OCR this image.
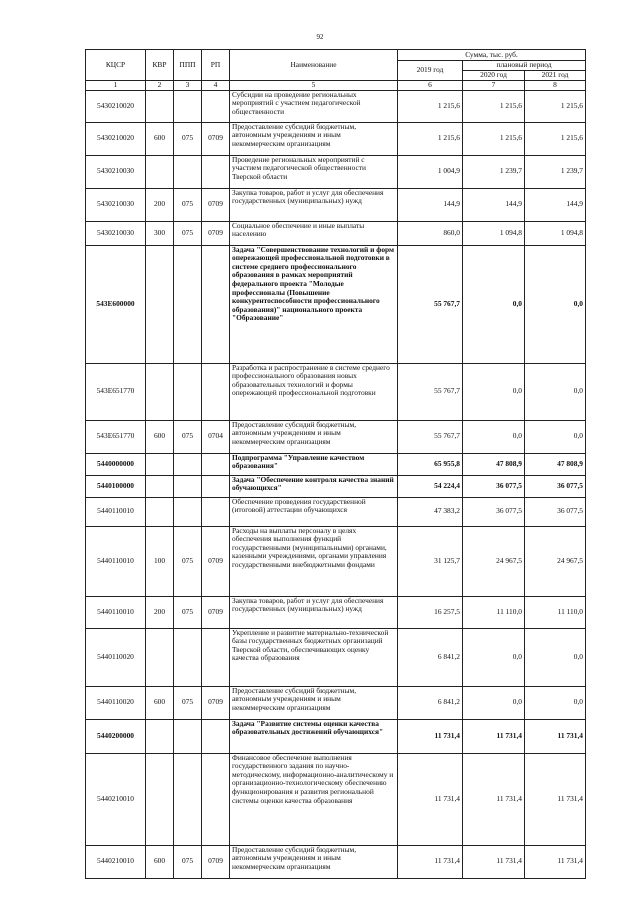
92
КЦСР	КВР	ППП	РП	Наименование	Сумма, тыс. руб.		
					2019 год	плановый период	
						2020 год	2021 год
1	2	3	4	5	6	7	8
5430210020				Субсидии на проведение региональных мероприятий с участием педагогической общественности	1 215,6	1 215,6	1 215,6
5430210020	600	075	0709	Предоставление субсидий бюджетным, автономным учреждениям и иным некоммерческим организациям	1 215,6	1 215,6	1 215,6
5430210030				Проведение региональных мероприятий с участием педагогической общественности Тверской области	1 004,9	1 239,7	1 239,7
5430210030	200	075	0709	Закупка товаров, работ и услуг для обеспечения государственных (муниципальных) нужд	144,9	144,9	144,9
5430210030	300	075	0709	Социальное обеспечение и иные выплаты населению	860,0	1 094,8	1 094,8
543E600000				Задача "Совершенствование технологий и форм опережающей профессиональной подготовки в системе среднего профессионального образования в рамках мероприятий федерального проекта "Молодые профессионалы (Повышение конкурентоспособности профессионального образования)" национального проекта "Образование"	55 767,7	0,0	0,0
543E651770				Разработка и распространение в системе среднего профессионального образования новых образовательных технологий и формы опережающей профессиональной подготовки	55 767,7	0,0	0,0
543E651770	600	075	0704	Предоставление субсидий бюджетным, автономным учреждениям и иным некоммерческим организациям	55 767,7	0,0	0,0
5440000000				Подпрограмма "Управление качеством образования"	65 955,8	47 808,9	47 808,9
5440100000				Задача "Обеспечение контроля качества знаний обучающихся"	54 224,4	36 077,5	36 077,5
5440110010				Обеспечение проведения государственной (итоговой) аттестации обучающихся	47 383,2	36 077,5	36 077,5
5440110010	100	075	0709	Расходы на выплаты персоналу в целях обеспечения выполнения функций государственными (муниципальными) органами, казенными учреждениями, органами управления государственными внебюджетными фондами	31 125,7	24 967,5	24 967,5
5440110010	200	075	0709	Закупка товаров, работ и услуг для обеспечения государственных (муниципальных) нужд	16 257,5	11 110,0	11 110,0
5440110020				Укрепление и развитие материально-технической базы государственных бюджетных организаций Тверской области, обеспечивающих оценку качества образования	6 841,2	0,0	0,0
5440110020	600	075	0709	Предоставление субсидий бюджетным, автономным учреждениям и иным некоммерческим организациям	6 841,2	0,0	0,0
5440200000				Задача "Развитие системы оценки качества образовательных достижений обучающихся"	11 731,4	11 731,4	11 731,4
5440210010				Финансовое обеспечение выполнения государственного задания по научно-методическому, информационно-аналитическому и организационно-технологическому обеспечению функционирования и развития региональной системы оценки качества образования	11 731,4	11 731,4	11 731,4
5440210010	600	075	0709	Предоставление субсидий бюджетным, автономным учреждениям и иным некоммерческим организациям	11 731,4	11 731,4	11 731,4
